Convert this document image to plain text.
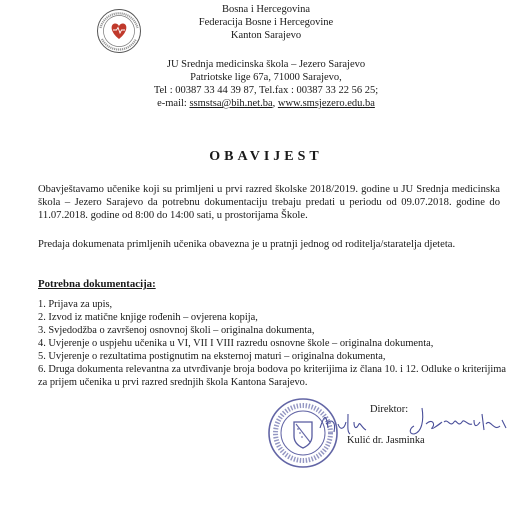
Bosna i Hercegovina
Federacija Bosne i Hercegovine
Kanton Sarajevo
JU Srednja medicinska škola – Jezero Sarajevo
Patriotske lige 67a, 71000 Sarajevo,
Tel : 00387 33 44 39 87, Tel.fax : 00387 33 22 56 25;
e-mail: ssmstsa@bih.net.ba, www.smsjezero.edu.ba
OBAVIJEST
Obavještavamo učenike koji su primljeni u prvi razred školske 2018/2019. godine u JU Srednja medicinska škola – Jezero Sarajevo da potrebnu dokumentaciju trebaju predati u periodu od 09.07.2018. godine do 11.07.2018. godine od 8:00 do 14:00 sati, u prostorijama Škole.
Predaja dokumenata primljenih učenika obavezna je u pratnji jednog od roditelja/staratelja djeteta.
Potrebna dokumentacija:
1. Prijava za upis,
2. Izvod iz matične knjige rođenih – ovjerena kopija,
3. Svjedodžba o završenoj osnovnoj školi – originalna dokumenta,
4. Uvjerenje o uspjehu učenika u VI, VII I VIII razredu osnovne škole – originalna dokumenta,
5. Uvjerenje o rezultatima postignutim na eksternoj maturi – originalna dokumenta,
6. Druga dokumenta relevantna za utvrđivanje broja bodova po kriterijima iz člana 10. i 12. Odluke o kriterijima za prijem učenika u prvi razred srednjih škola Kantona Sarajevo.
Direktor:
Kulić dr. Jasminka
